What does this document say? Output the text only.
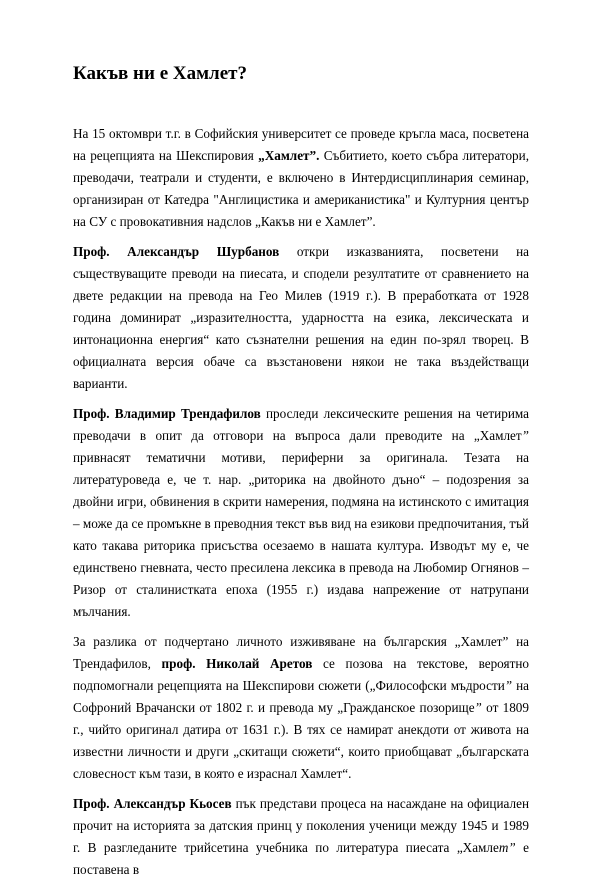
Какъв ни е Хамлет?

На 15 октомври т.г. в Софийския университет се проведе кръгла маса, посветена на рецепцията на Шекспировия „Хамлет”. Събитието, което събра литератори, преводачи, театрали и студенти, е включено в Интердисциплинария семинар, организиран от Катедра "Англицистика и американистика" и Културния център на СУ с провокативния надслов „Какъв ни е Хамлет”.

Проф. Александър Шурбанов откри изказванията, посветени на съществуващите преводи на пиесата, и сподели резултатите от сравнението на двете редакции на превода на Гео Милев (1919 г.). В преработката от 1928 година доминират „изразителността, ударността на езика, лексическата и интонационна енергия“ като съзнателни решения на един по-зрял творец. В официалната версия обаче са възстановени някои не така въздействащи варианти.

Проф. Владимир Трендафилов проследи лексическите решения на четирима преводачи в опит да отговори на въпроса дали преводите на „Хамлет” привнасят тематични мотиви, периферни за оригинала. Тезата на литературоведа е, че т. нар. „риторика на двойното дъно“ – подозрения за двойни игри, обвинения в скрити намерения, подмяна на истинското с имитация – може да се промъкне в преводния текст във вид на езикови предпочитания, тъй като такава риторика присъства осезаемо в нашата култура. Изводът му е, че единствено гневната, често пресилена лексика в превода на Любомир Огнянов – Ризор от сталинистката епоха (1955 г.) издава напрежение от натрупани мълчания.

За разлика от подчертано личното изживяване на българския „Хамлет” на Трендафилов, проф. Николай Аретов се позова на текстове, вероятно подпомогнали рецепцията на Шекспирови сюжети („Философски мъдрости” на Софроний Врачански от 1802 г. и превода му „Гражданское позорище” от 1809 г., чийто оригинал датира от 1631 г.). В тях се намират анекдоти от живота на известни личности и други „скитащи сюжети“, които приобщават „българската словесност към тази, в която е израснал Хамлет“.

Проф. Александър Кьосев пък представи процеса на насаждане на официален прочит на историята за датския принц у поколения ученици между 1945 и 1989 г. В разгледаните трийсетина учебника по литература пиесата „Хамлет” е поставена в
